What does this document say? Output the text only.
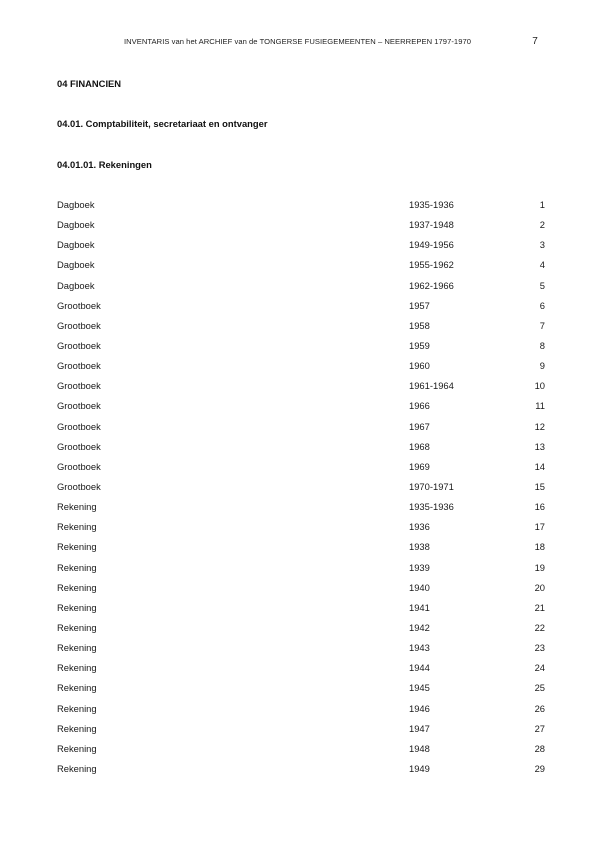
INVENTARIS van het ARCHIEF van de TONGERSE FUSIEGEMEENTEN – NEERREPEN 1797-1970	7
04 FINANCIEN
04.01. Comptabiliteit, secretariaat en ontvanger
04.01.01. Rekeningen
Dagboek	1935-1936	1
Dagboek	1937-1948	2
Dagboek	1949-1956	3
Dagboek	1955-1962	4
Dagboek	1962-1966	5
Grootboek	1957	6
Grootboek	1958	7
Grootboek	1959	8
Grootboek	1960	9
Grootboek	1961-1964	10
Grootboek	1966	11
Grootboek	1967	12
Grootboek	1968	13
Grootboek	1969	14
Grootboek	1970-1971	15
Rekening	1935-1936	16
Rekening	1936	17
Rekening	1938	18
Rekening	1939	19
Rekening	1940	20
Rekening	1941	21
Rekening	1942	22
Rekening	1943	23
Rekening	1944	24
Rekening	1945	25
Rekening	1946	26
Rekening	1947	27
Rekening	1948	28
Rekening	1949	29
